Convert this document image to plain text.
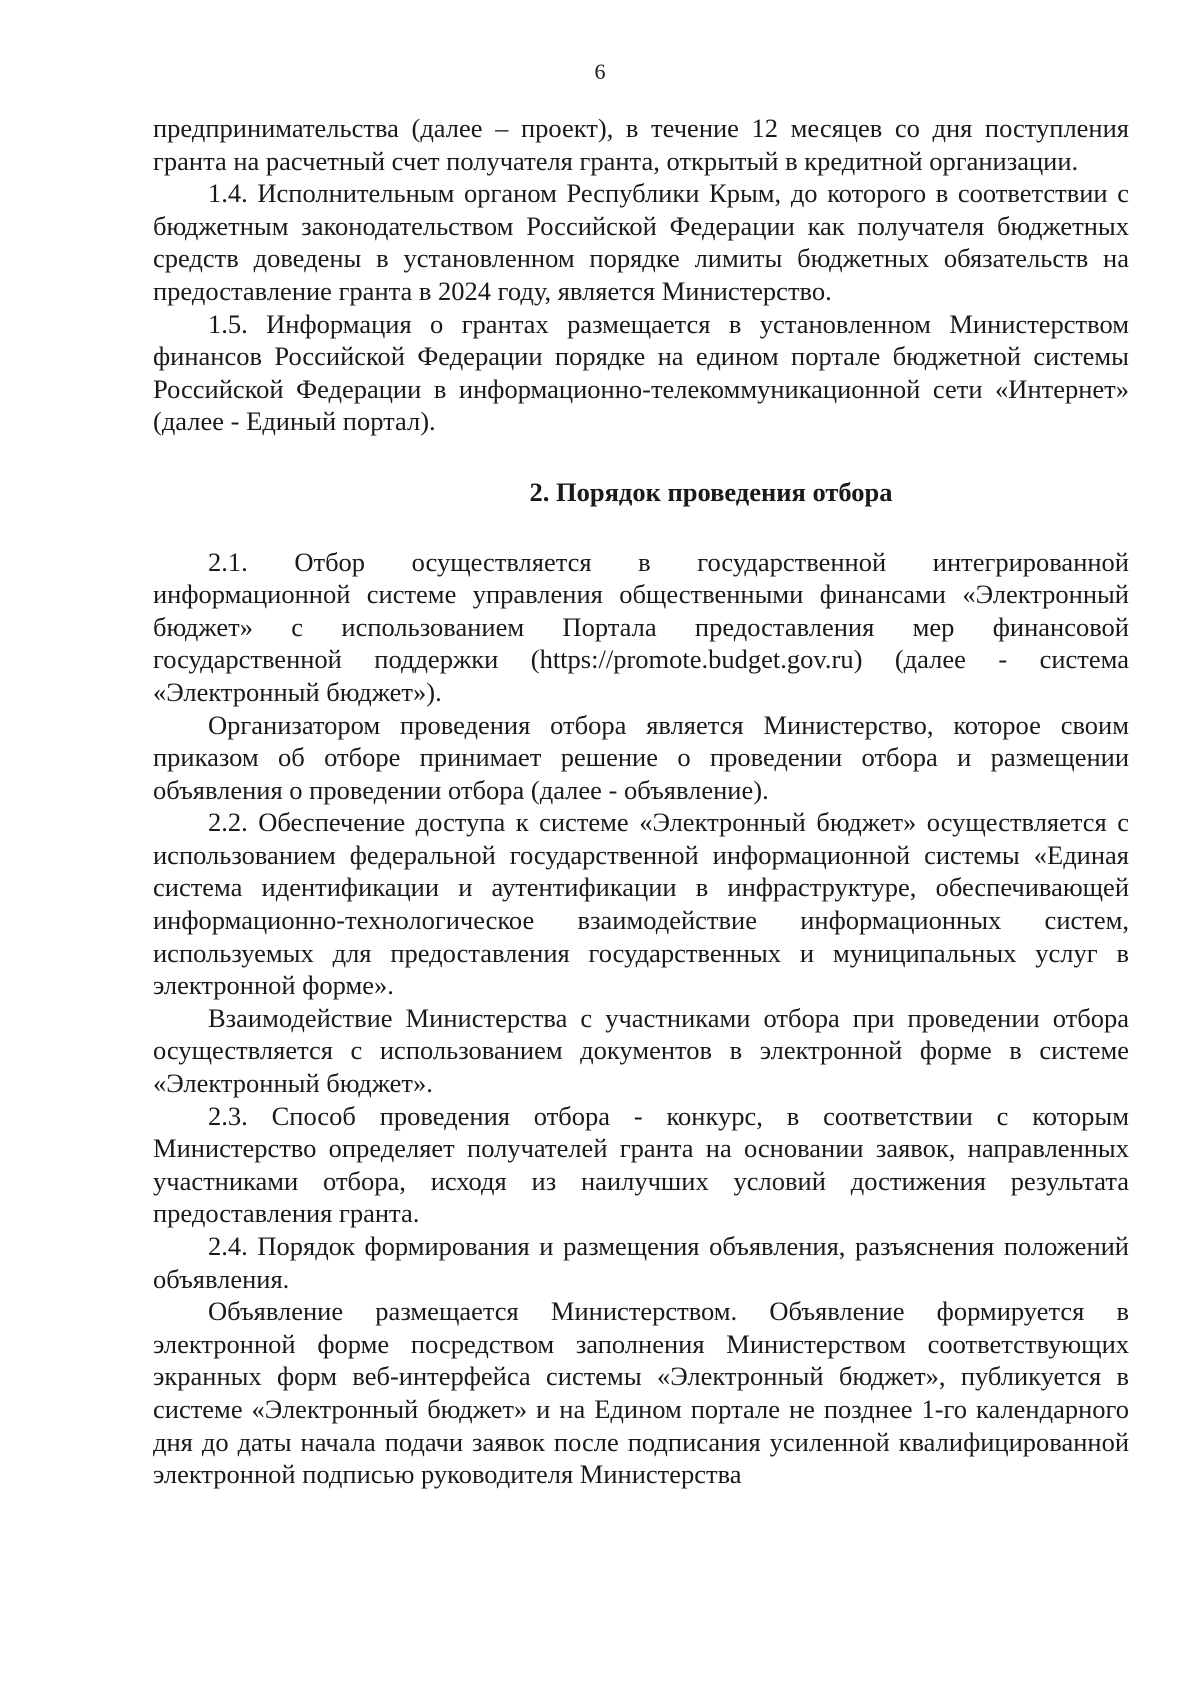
6

предпринимательства (далее – проект), в течение 12 месяцев со дня поступления гранта на расчетный счет получателя гранта, открытый в кредитной организации.

1.4. Исполнительным органом Республики Крым, до которого в соответствии с бюджетным законодательством Российской Федерации как получателя бюджетных средств доведены в установленном порядке лимиты бюджетных обязательств на предоставление гранта в 2024 году, является Министерство.

1.5. Информация о грантах размещается в установленном Министерством финансов Российской Федерации порядке на едином портале бюджетной системы Российской Федерации в информационно-телекоммуникационной сети «Интернет» (далее - Единый портал).

2. Порядок проведения отбора

2.1. Отбор осуществляется в государственной интегрированной информационной системе управления общественными финансами «Электронный бюджет» с использованием Портала предоставления мер финансовой государственной поддержки (https://promote.budget.gov.ru) (далее - система «Электронный бюджет»).

Организатором проведения отбора является Министерство, которое своим приказом об отборе принимает решение о проведении отбора и размещении объявления о проведении отбора (далее - объявление).

2.2. Обеспечение доступа к системе «Электронный бюджет» осуществляется с использованием федеральной государственной информационной системы «Единая система идентификации и аутентификации в инфраструктуре, обеспечивающей информационно-технологическое взаимодействие информационных систем, используемых для предоставления государственных и муниципальных услуг в электронной форме».

Взаимодействие Министерства с участниками отбора при проведении отбора осуществляется с использованием документов в электронной форме в системе «Электронный бюджет».

2.3. Способ проведения отбора - конкурс, в соответствии с которым Министерство определяет получателей гранта на основании заявок, направленных участниками отбора, исходя из наилучших условий достижения результата предоставления гранта.

2.4. Порядок формирования и размещения объявления, разъяснения положений объявления.

Объявление размещается Министерством. Объявление формируется в электронной форме посредством заполнения Министерством соответствующих экранных форм веб-интерфейса системы «Электронный бюджет», публикуется в системе «Электронный бюджет» и на Едином портале не позднее 1-го календарного дня до даты начала подачи заявок после подписания усиленной квалифицированной электронной подписью руководителя Министерства
